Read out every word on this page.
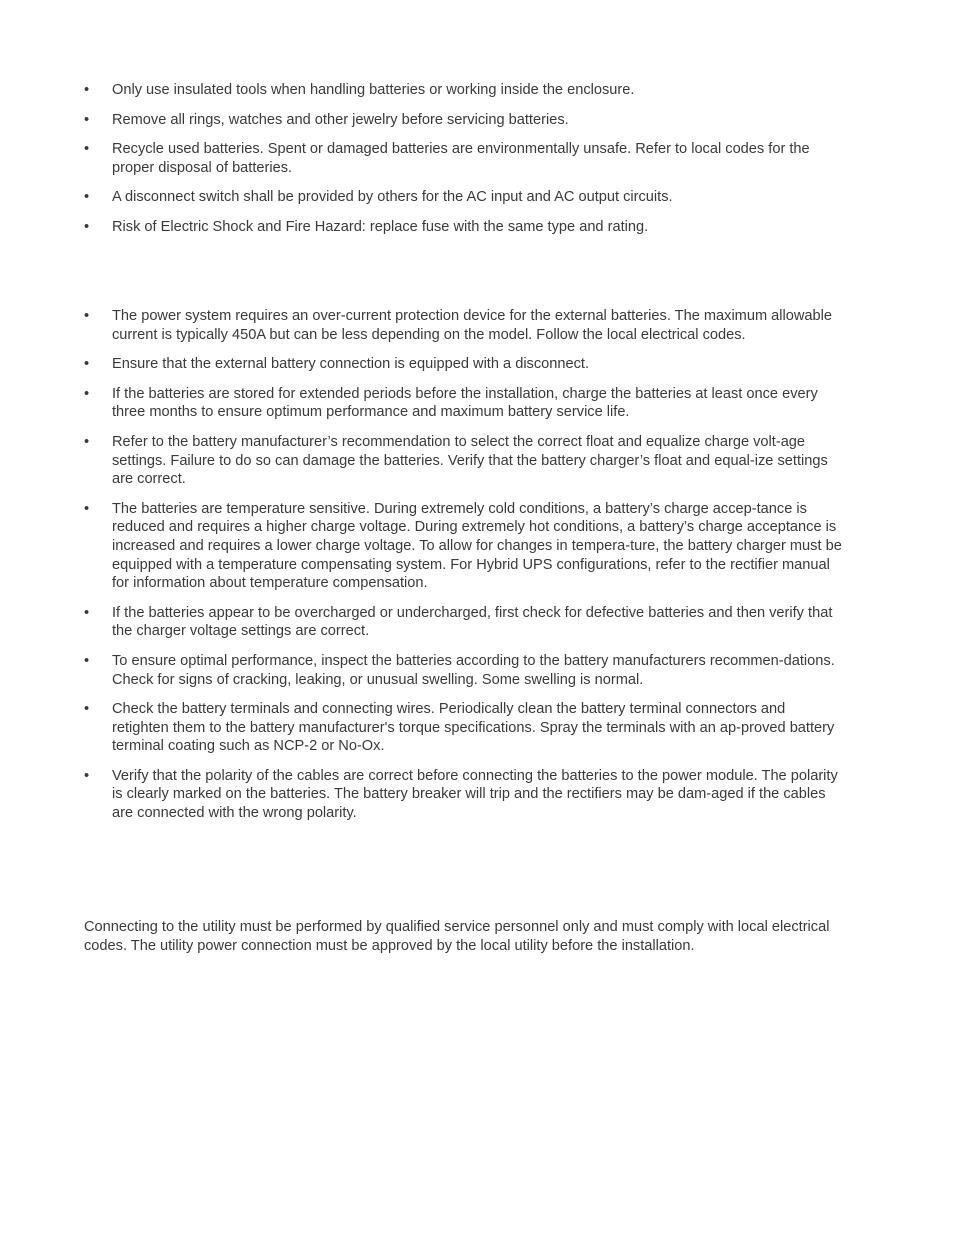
•	Only use insulated tools when handling batteries or working inside the enclosure.
•	Remove all rings, watches and other jewelry before servicing batteries.
•	Recycle used batteries. Spent or damaged batteries are environmentally unsafe. Refer to local codes for the proper disposal of batteries.
•	A disconnect switch shall be provided by others for the AC input and AC output circuits.
•	Risk of Electric Shock and Fire Hazard: replace fuse with the same type and rating.
•	The power system requires an over-current protection device for the external batteries. The maximum allowable current is typically 450A but can be less depending on the model. Follow the local electrical codes.
•	Ensure that the external battery connection is equipped with a disconnect.
•	If the batteries are stored for extended periods before the installation, charge the batteries at least once every three months to ensure optimum performance and maximum battery service life.
•	Refer to the battery manufacturer’s recommendation to select the correct float and equalize charge volt-age settings. Failure to do so can damage the batteries. Verify that the battery charger’s float and equal-ize settings are correct.
•	The batteries are temperature sensitive. During extremely cold conditions, a battery’s charge accep-tance is reduced and requires a higher charge voltage. During extremely hot conditions, a battery’s charge acceptance is increased and requires a lower charge voltage. To allow for changes in tempera-ture, the battery charger must be equipped with a temperature compensating system. For Hybrid UPS configurations, refer to the rectifier manual for information about temperature compensation.
•	If the batteries appear to be overcharged or undercharged, first check for defective batteries and then verify that the charger voltage settings are correct.
•	To ensure optimal performance, inspect the batteries according to the battery manufacturers recommen-dations. Check for signs of cracking, leaking, or unusual swelling. Some swelling is normal.
•	Check the battery terminals and connecting wires. Periodically clean the battery terminal connectors and retighten them to the battery manufacturer's torque specifications. Spray the terminals with an ap-proved battery terminal coating such as NCP-2 or No-Ox.
•	Verify that the polarity of the cables are correct before connecting the batteries to the power module. The polarity is clearly marked on the batteries. The battery breaker will trip and the rectifiers may be dam-aged if the cables are connected with the wrong polarity.

Connecting to the utility must be performed by qualified service personnel only and must comply with local electrical codes. The utility power connection must be approved by the local utility before the installation.
